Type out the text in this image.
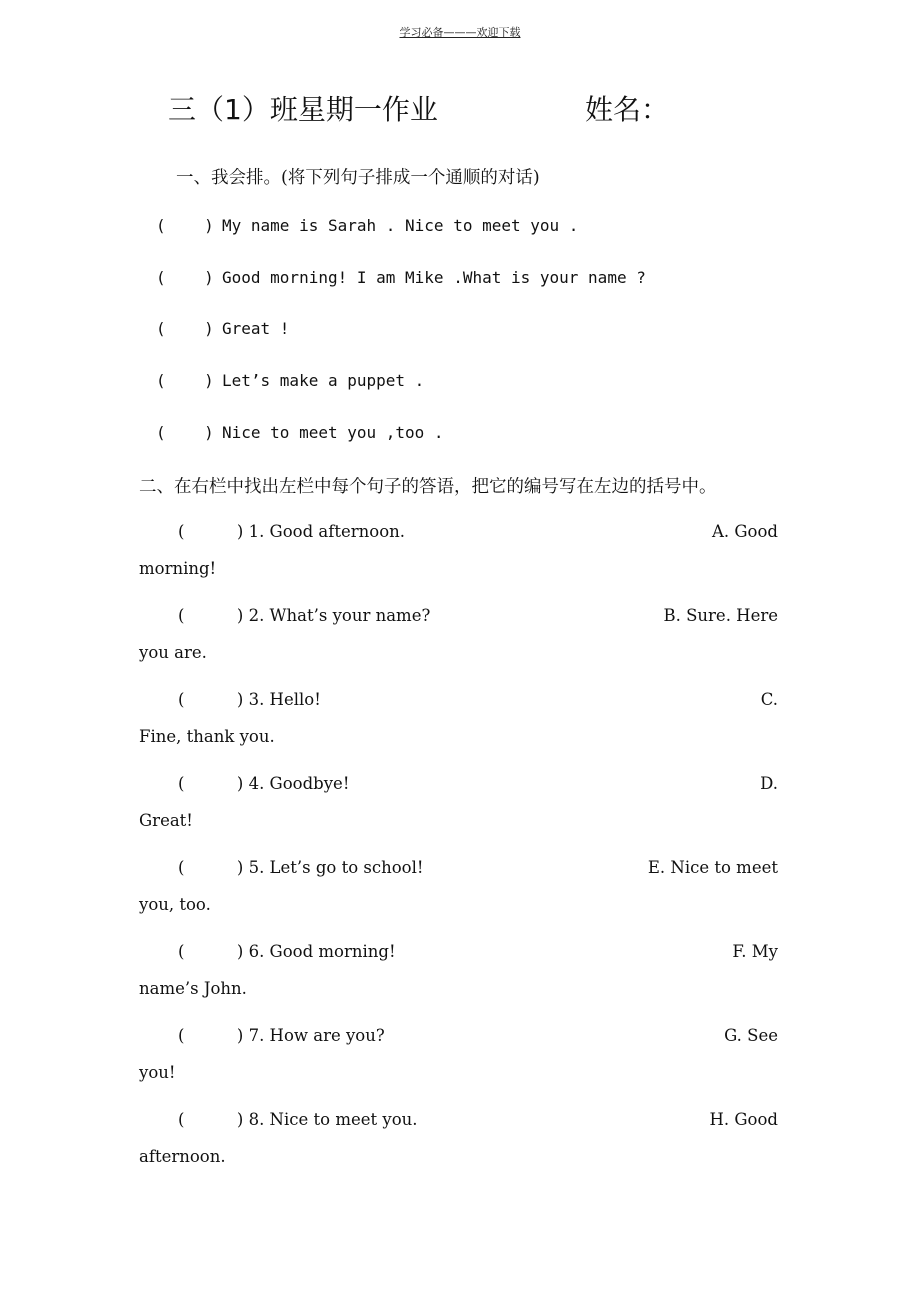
学习必备———欢迎下载
三（1）班星期一作业	姓名：
一、我会排。(将下列句子排成一个通顺的对话)
(    ) My name is Sarah . Nice to meet you .
(    ) Good morning! I am Mike .What is your name ?
(    ) Great !
(    ) Let’s make a puppet .
(    ) Nice to meet you ,too .
二、在右栏中找出左栏中每个句子的答语，把它的编号写在左边的括号中。
(          ) 1. Good afternoon.	A. Good
morning!
(          ) 2. What’s your name?	B. Sure. Here
you are.
(          ) 3. Hello!	C.
Fine, thank you.
(          ) 4. Goodbye!	D.
Great!
(          ) 5. Let’s go to school!	E. Nice to meet
you, too.
(          ) 6. Good morning!	F. My
name’s John.
(          ) 7. How are you?	G. See
you!
(          ) 8. Nice to meet you.	H. Good
afternoon.
